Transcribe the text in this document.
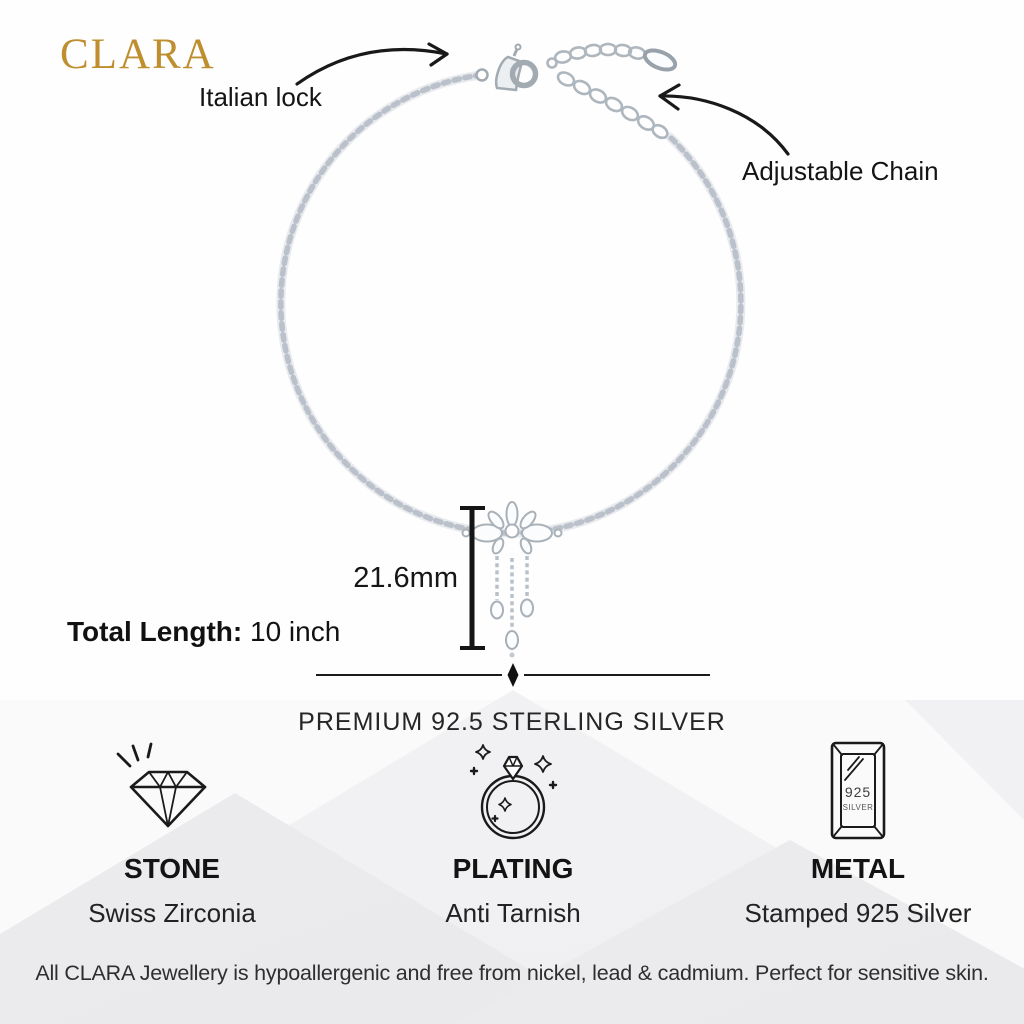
CLARA
Italian lock
Adjustable Chain
21.6mm
Total Length: 10 inch
PREMIUM 92.5 STERLING SILVER
STONE
Swiss Zirconia
PLATING
Anti Tarnish
925
SILVER
METAL
Stamped 925 Silver
All CLARA Jewellery is hypoallergenic and free from nickel, lead & cadmium. Perfect for sensitive skin.
